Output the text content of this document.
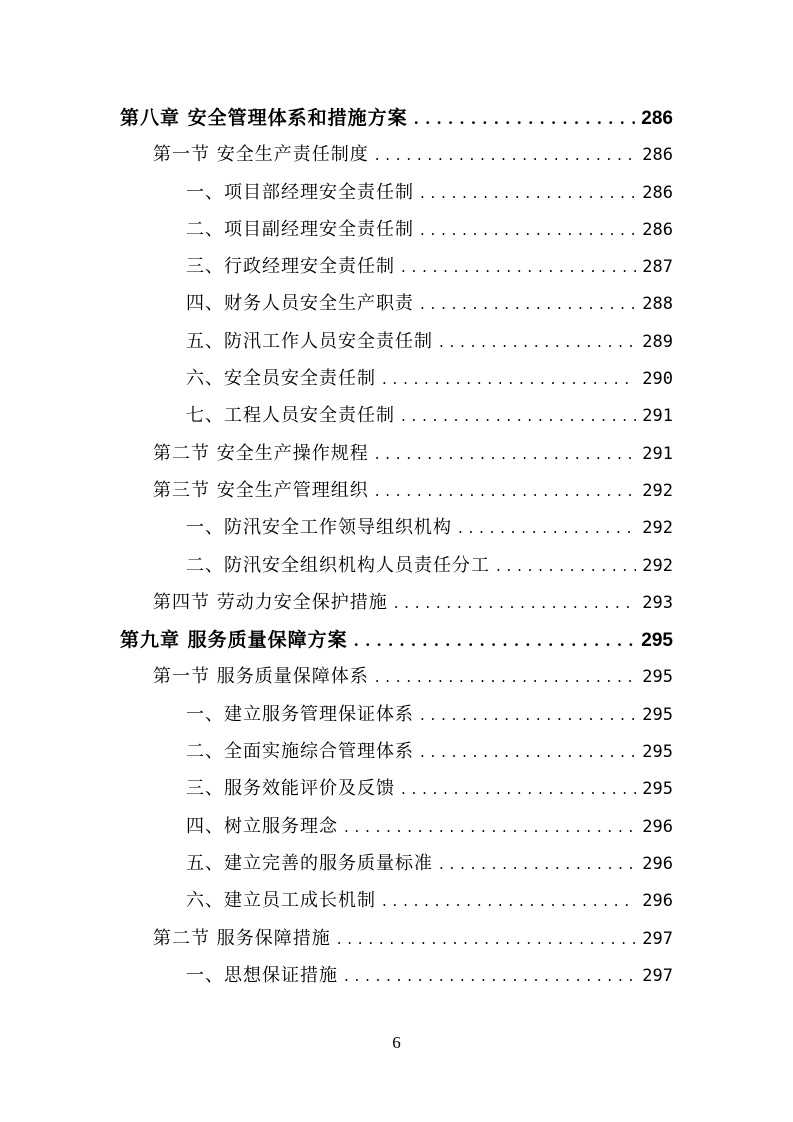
第八章 安全管理体系和措施方案 . . .	286
第一节 安全生产责任制度 . . .	286
一、项目部经理安全责任制 . . .	286
二、项目副经理安全责任制 . . .	286
三、行政经理安全责任制 . . .	287
四、财务人员安全生产职责 . . .	288
五、防汛工作人员安全责任制 . . .	289
六、安全员安全责任制 . . .	290
七、工程人员安全责任制 . . .	291
第二节 安全生产操作规程 . . .	291
第三节 安全生产管理组织 . . .	292
一、防汛安全工作领导组织机构 . . .	292
二、防汛安全组织机构人员责任分工 . . .	292
第四节 劳动力安全保护措施 . . .	293
第九章 服务质量保障方案 . . .	295
第一节 服务质量保障体系 . . .	295
一、建立服务管理保证体系 . . .	295
二、全面实施综合管理体系 . . .	295
三、服务效能评价及反馈 . . .	295
四、树立服务理念 . . .	296
五、建立完善的服务质量标准 . . .	296
六、建立员工成长机制 . . .	296
第二节 服务保障措施 . . .	297
一、思想保证措施 . . .	297
6
